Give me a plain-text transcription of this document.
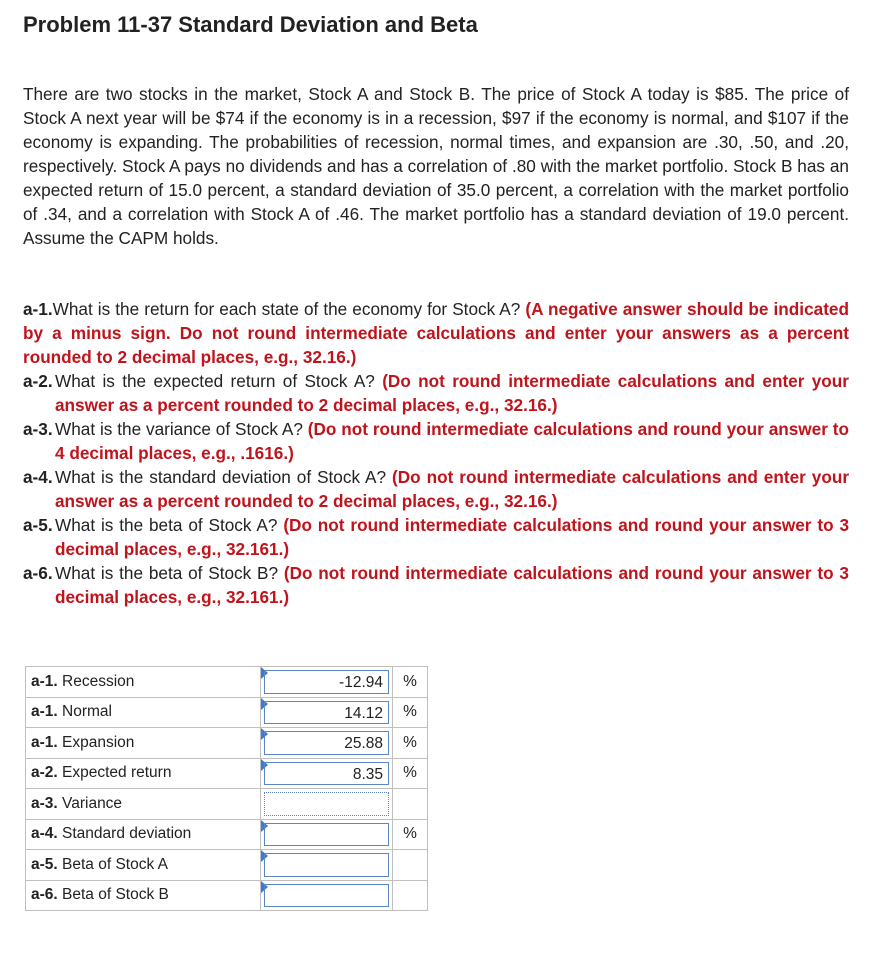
Problem 11-37 Standard Deviation and Beta

There are two stocks in the market, Stock A and Stock B. The price of Stock A today is $85. The price of Stock A next year will be $74 if the economy is in a recession, $97 if the economy is normal, and $107 if the economy is expanding. The probabilities of recession, normal times, and expansion are .30, .50, and .20, respectively. Stock A pays no dividends and has a correlation of .80 with the market portfolio. Stock B has an expected return of 15.0 percent, a standard deviation of 35.0 percent, a correlation with the market portfolio of .34, and a correlation with Stock A of .46. The market portfolio has a standard deviation of 19.0 percent. Assume the CAPM holds.

a-1.What is the return for each state of the economy for Stock A? (A negative answer should be indicated by a minus sign. Do not round intermediate calculations and enter your answers as a percent rounded to 2 decimal places, e.g., 32.16.)
a-2. What is the expected return of Stock A? (Do not round intermediate calculations and enter your answer as a percent rounded to 2 decimal places, e.g., 32.16.)
a-3. What is the variance of Stock A? (Do not round intermediate calculations and round your answer to 4 decimal places, e.g., .1616.)
a-4. What is the standard deviation of Stock A? (Do not round intermediate calculations and enter your answer as a percent rounded to 2 decimal places, e.g., 32.16.)
a-5. What is the beta of Stock A? (Do not round intermediate calculations and round your answer to 3 decimal places, e.g., 32.161.)
a-6. What is the beta of Stock B? (Do not round intermediate calculations and round your answer to 3 decimal places, e.g., 32.161.)
a-1. Recession	-12.94	%
a-1. Normal	14.12	%
a-1. Expansion	25.88	%
a-2. Expected return	8.35	%
a-3. Variance	

a-4. Standard deviation		%
a-5. Beta of Stock A	

a-6. Beta of Stock B	
